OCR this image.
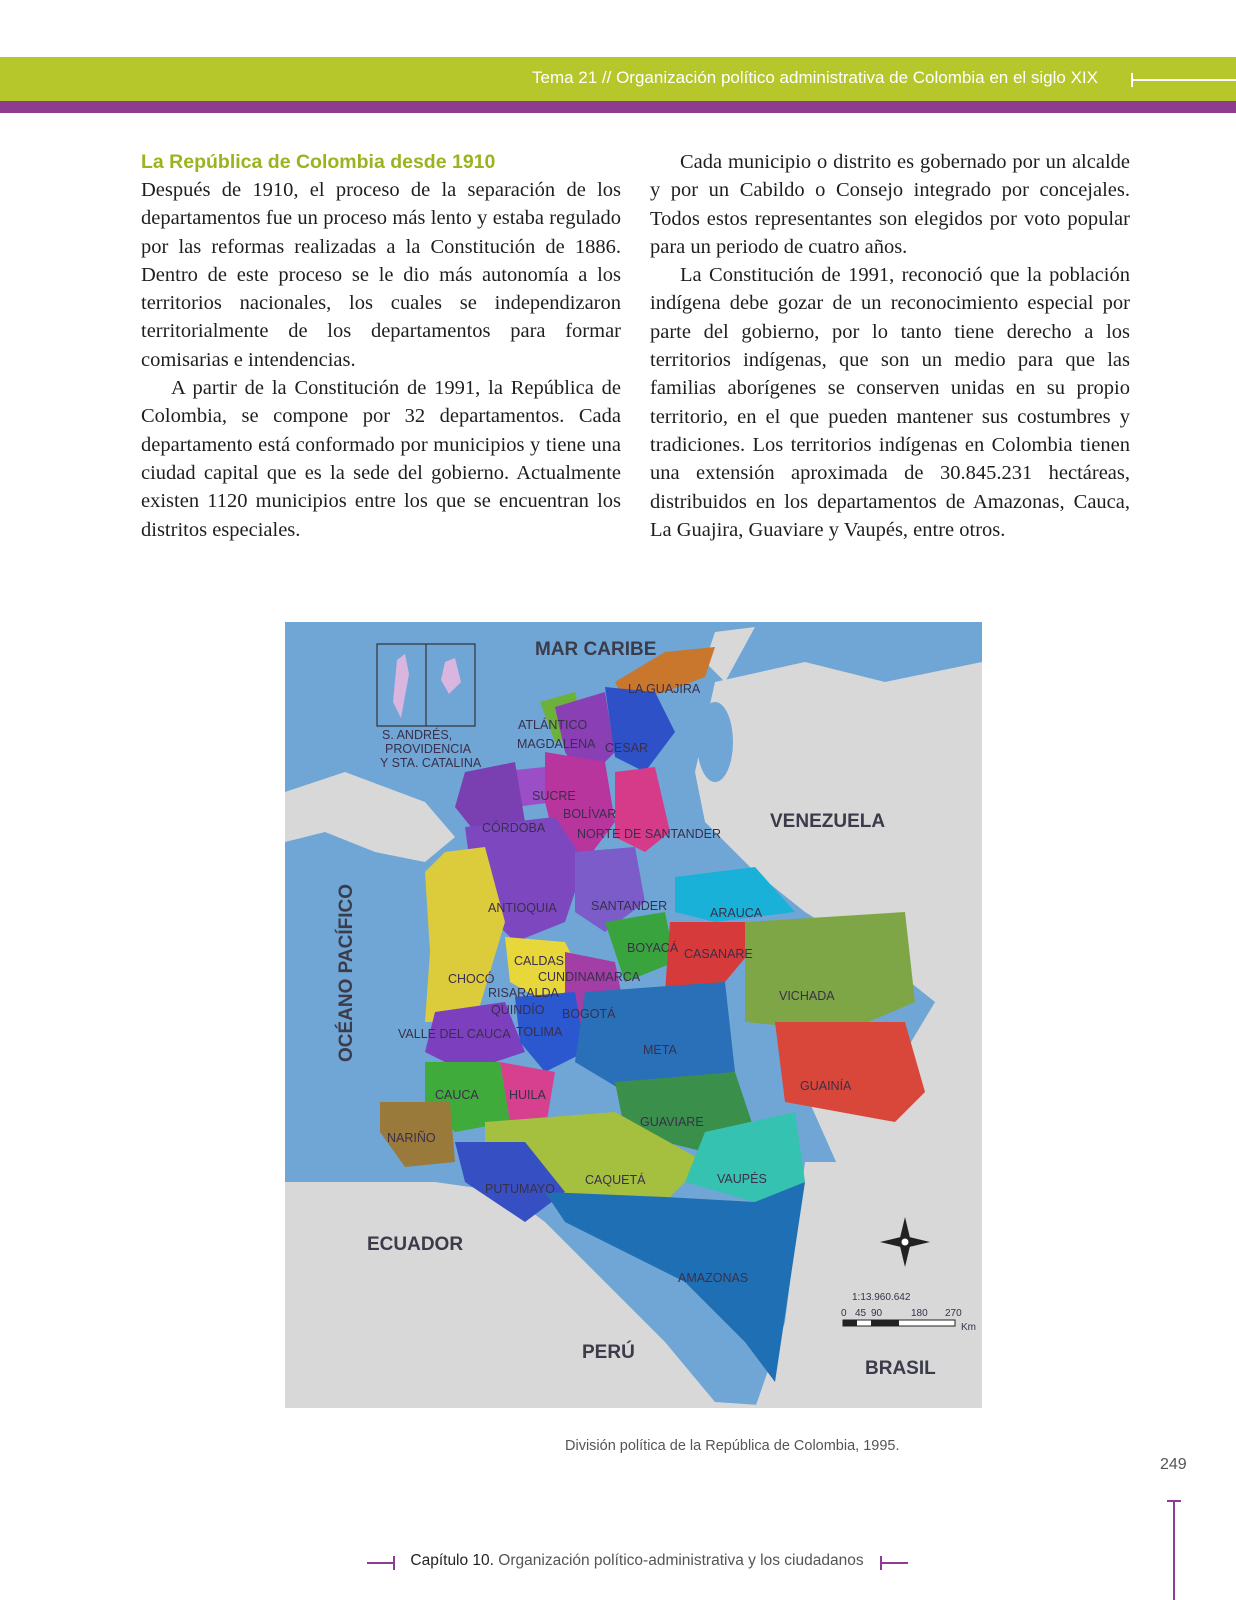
Tema 21 // Organización político administrativa de Colombia en el siglo XIX

La República de Colombia desde 1910

Después de 1910, el proceso de la separación de los departamentos fue un proceso más lento y estaba regulado por las reformas realizadas a la Constitución de 1886. Dentro de este proceso se le dio más autonomía a los territorios nacionales, los cuales se independizaron territorialmente de los departamentos para formar comisarias e intendencias.

A partir de la Constitución de 1991, la República de Colombia, se compone por 32 departamentos. Cada departamento está conformado por municipios y tiene una ciudad capital que es la sede del gobierno. Actualmente existen 1120 municipios entre los que se encuentran los distritos especiales.

Cada municipio o distrito es gobernado por un alcalde y por un Cabildo o Consejo integrado por concejales. Todos estos representantes son elegidos por voto popular para un periodo de cuatro años.

La Constitución de 1991, reconoció que la población indígena debe gozar de un reconocimiento especial por parte del gobierno, por lo tanto tiene derecho a los territorios indígenas, que son un medio para que las familias aborígenes se conserven unidas en su propio territorio, en el que pueden mantener sus costumbres y tradiciones. Los territorios indígenas en Colombia tienen una extensión aproximada de 30.845.231 hectáreas, distribuidos en los departamentos de Amazonas, Cauca, La Guajira, Guaviare y Vaupés, entre otros.

MAR CARIBE
VENEZUELA
ECUADOR
PERÚ
BRASIL
OCÉANO PACÍFICO
S. ANDRÉS,
PROVIDENCIA
Y STA. CATALINA
LA GUAJIRA
ATLÁNTICO
MAGDALENA CESAR
SUCRE
BOLÍVAR
CÓRDOBA	NORTE DE SANTANDER
ANTIOQUIA	SANTANDER	ARAUCA
BOYACÁ CASANARE
CALDAS
CUNDINAMARCA
CHOCÓ
RISARALDA
QUINDÍO BOGOTÁ
VICHADA
VALLE DEL CAUCA TOLIMA
META
GUAINÍA
CAUCA HUILA
GUAVIARE
NARIÑO
CAQUETÁ	VAUPÉS
PUTUMAYO
AMAZONAS
1:13.960.642
0 45 90	180 270
Km
División política de la República de Colombia, 1995.
249
Capítulo 10. Organización político-administrativa y los ciudadanos
